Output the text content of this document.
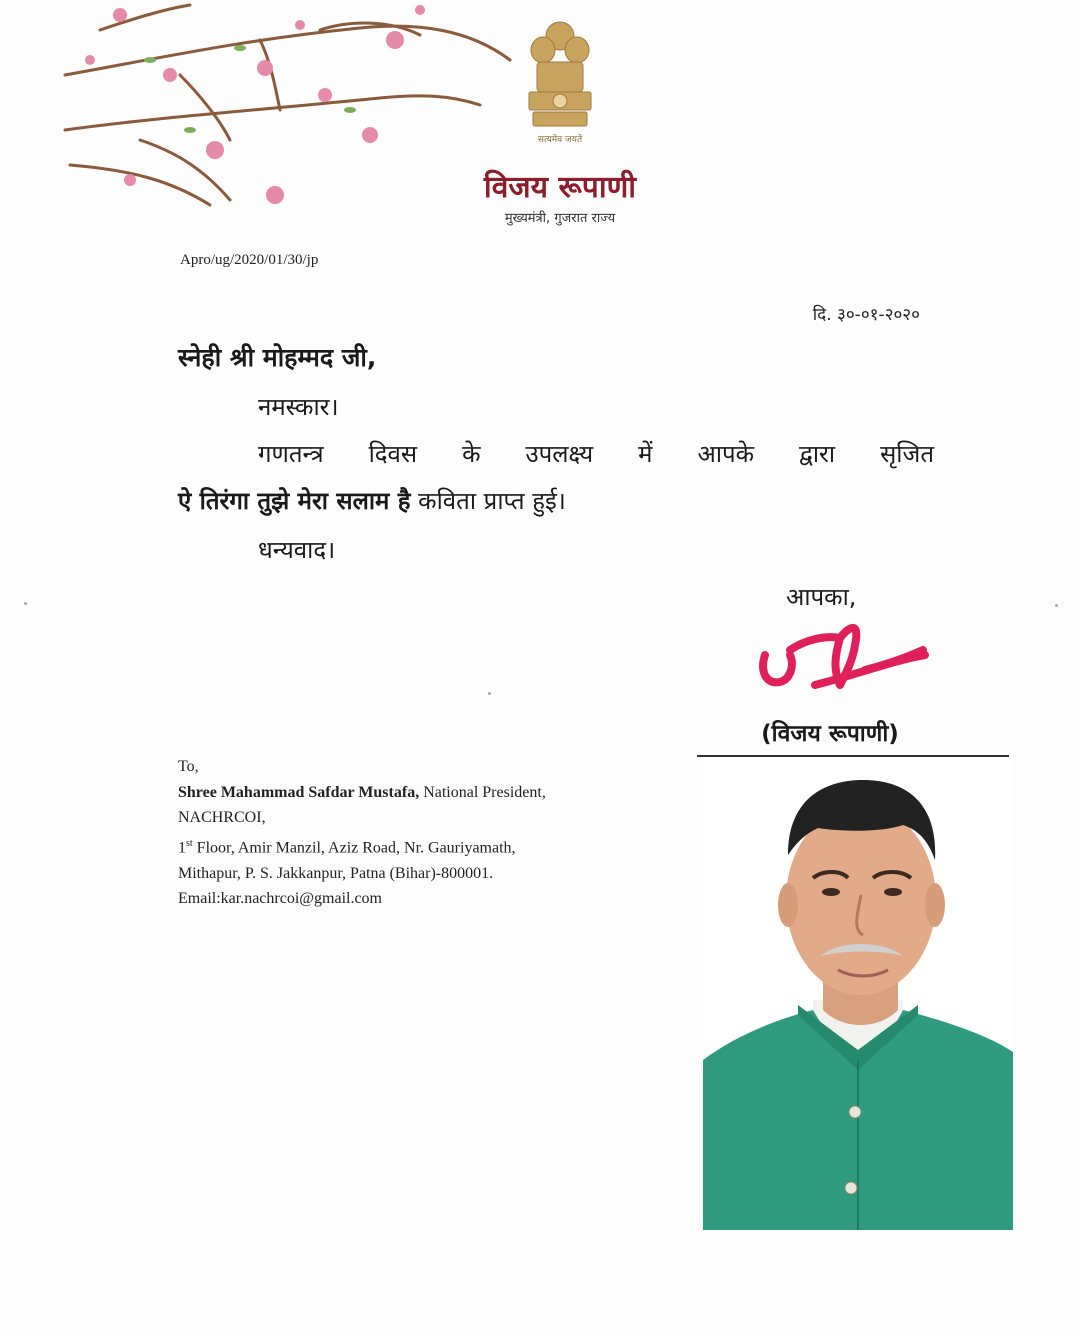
सत्यमेव जयते
विजय रूपाणी
मुख्यमंत्री, गुजरात राज्य
Apro/ug/2020/01/30/jp
दि. ३०-०१-२०२०
स्नेही श्री मोहम्मद जी,
नमस्कार।
गणतन्त्र दिवस के उपलक्ष्य में आपके द्वारा सृजित
ऐ तिरंगा तुझे मेरा सलाम है कविता प्राप्त हुई।
धन्यवाद।
आपका,
(विजय रूपाणी)
To,
Shree Mahammad Safdar Mustafa, National President,
NACHRCOI,
1st Floor, Amir Manzil, Aziz Road, Nr. Gauriyamath,
Mithapur, P. S. Jakkanpur, Patna (Bihar)-800001.
Email:kar.nachrcoi@gmail.com
